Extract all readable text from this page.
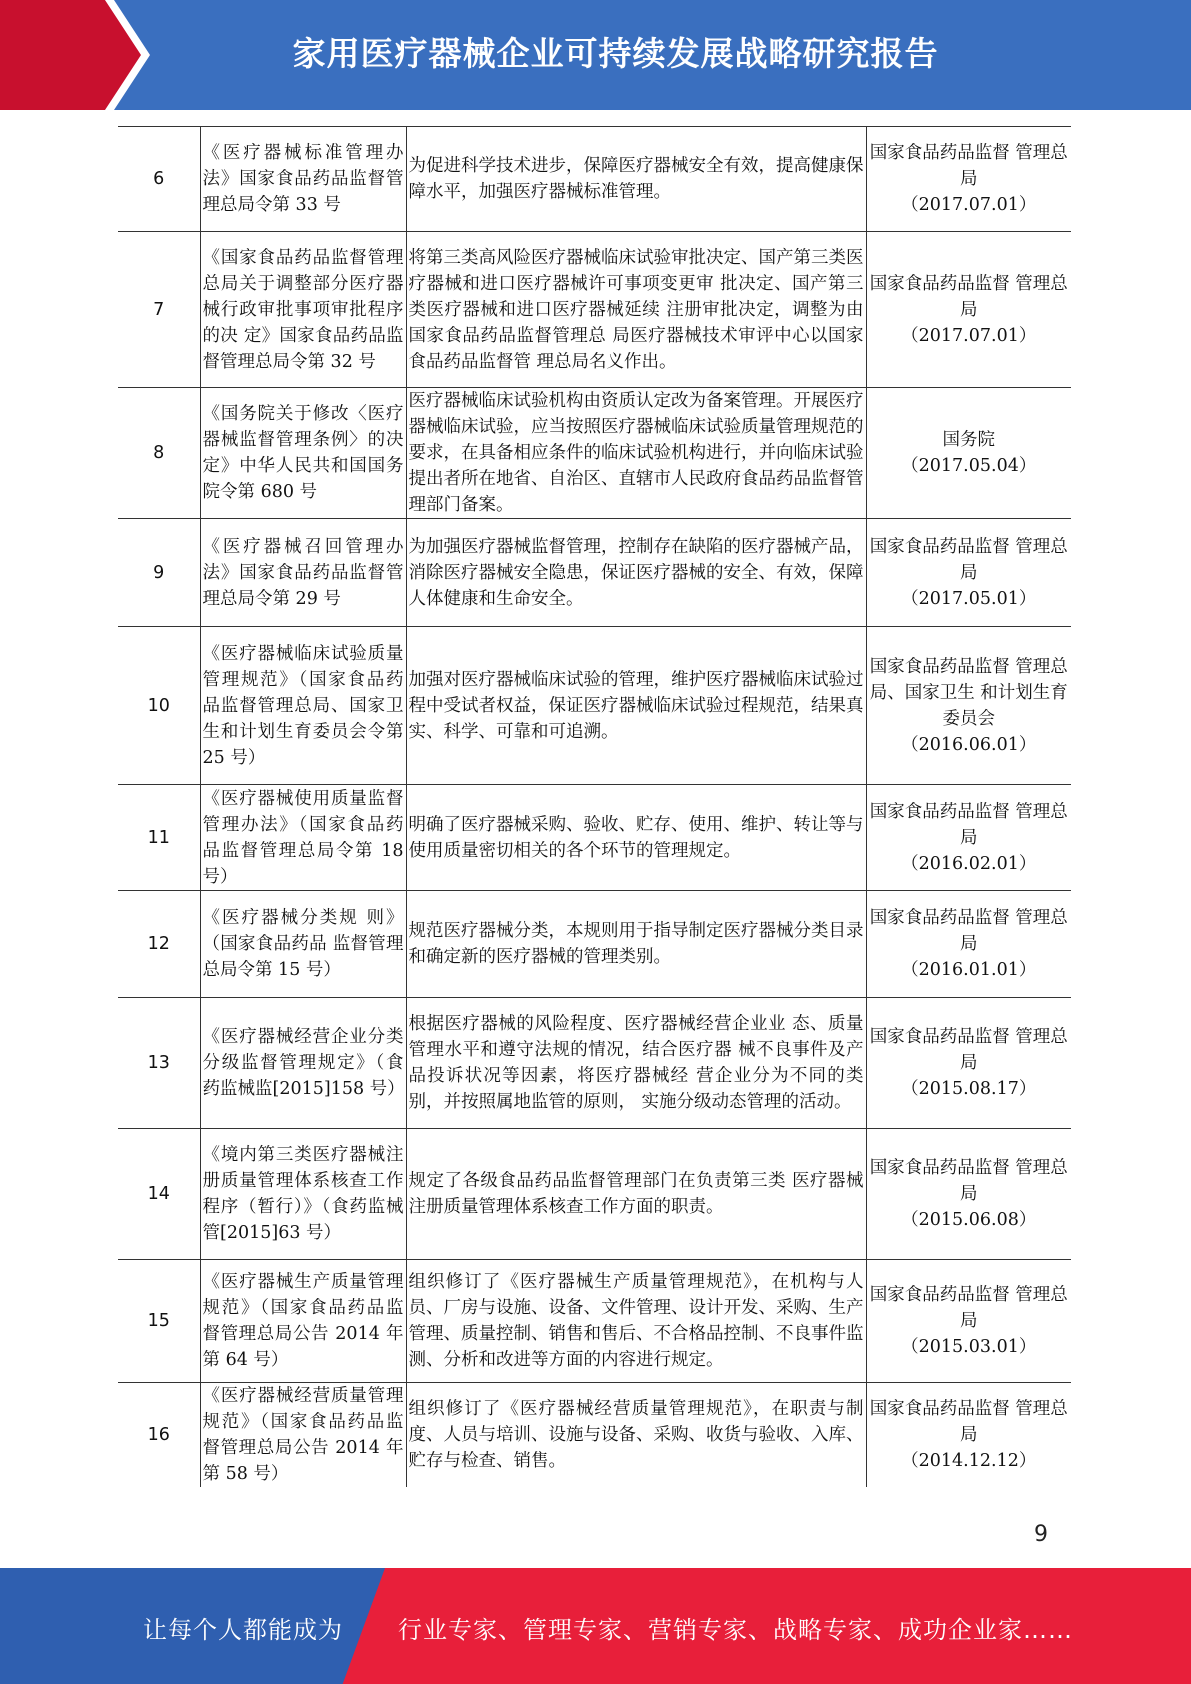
家用医疗器械企业可持续发展战略研究报告
6	《医疗器械标准管理办法》国家食品药品监督管理总局令第 33 号	为促进科学技术进步，保障医疗器械安全有效，提高健康保障水平，加强医疗器械标准管理。	国家食品药品监督 管理总局
（2017.07.01）

7	《国家食品药品监督管理总局关于调整部分医疗器械行政审批事项审批程序的决 定》国家食品药品监 督管理总局令第 32 号	将第三类高风险医疗器械临床试验审批决定、国产第三类医疗器械和进口医疗器械许可事项变更审 批决定、国产第三类医疗器械和进口医疗器械延续 注册审批决定，调整为由国家食品药品监督管理总 局医疗器械技术审评中心以国家食品药品监督管 理总局名义作出。	国家食品药品监督 管理总局
（2017.07.01）

8	《国务院关于修改〈医疗器械监督管理条例〉的决定》中华人民共和国国务院令第 680 号	医疗器械临床试验机构由资质认定改为备案管理。开展医疗器械临床试验，应当按照医疗器械临床试验质量管理规范的要求，在具备相应条件的临床试验机构进行，并向临床试验提出者所在地省、自治区、直辖市人民政府食品药品监督管理部门备案。	国务院
（2017.05.04）

9	《医疗器械召回管理办法》国家食品药品监督管理总局令第 29 号	为加强医疗器械监督管理，控制存在缺陷的医疗器械产品，消除医疗器械安全隐患，保证医疗器械的安全、有效，保障人体健康和生命安全。	国家食品药品监督 管理总局
（2017.05.01）

10	《医疗器械临床试验质量管理规范》（国家食品药品监督管理总局、国家卫生和计划生育委员会令第 25 号）	加强对医疗器械临床试验的管理，维护医疗器械临床试验过程中受试者权益，保证医疗器械临床试验过程规范，结果真实、科学、可靠和可追溯。	国家食品药品监督 管理总局、国家卫生 和计划生育委员会
（2016.06.01）

11	《医疗器械使用质量监督管理办法》（国家食品药品监督管理总局令第 18 号）	明确了医疗器械采购、验收、贮存、使用、维护、转让等与使用质量密切相关的各个环节的管理规定。	国家食品药品监督 管理总局
（2016.02.01）

12	《医疗器械分类规 则》（国家食品药品 监督管理总局令第 15 号）	规范医疗器械分类，本规则用于指导制定医疗器械分类目录和确定新的医疗器械的管理类别。	国家食品药品监督 管理总局
（2016.01.01）

13	《医疗器械经营企业分类分级监督管理规定》（食药监械监[2015]158 号）	根据医疗器械的风险程度、医疗器械经营企业业 态、质量管理水平和遵守法规的情况，结合医疗器 械不良事件及产品投诉状况等因素，将医疗器械经 营企业分为不同的类别，并按照属地监管的原则， 实施分级动态管理的活动。	国家食品药品监督 管理总局
（2015.08.17）

14	《境内第三类医疗器械注册质量管理体系核查工作程序（暂行）》（食药监械管[2015]63 号）	规定了各级食品药品监督管理部门在负责第三类 医疗器械注册质量管理体系核查工作方面的职责。	国家食品药品监督 管理总局
（2015.06.08）

15	《医疗器械生产质量管理规范》（国家食品药品监督管理总局公告 2014 年第 64 号）	组织修订了《医疗器械生产质量管理规范》，在机构与人员、厂房与设施、设备、文件管理、设计开发、采购、生产管理、质量控制、销售和售后、不合格品控制、不良事件监测、分析和改进等方面的内容进行规定。	国家食品药品监督 管理总局
（2015.03.01）

16	《医疗器械经营质量管理规范》（国家食品药品监督管理总局公告 2014 年第 58 号）	组织修订了《医疗器械经营质量管理规范》，在职责与制度、人员与培训、设施与设备、采购、收货与验收、入库、贮存与检查、销售。	国家食品药品监督 管理总局
（2014.12.12）
9
让每个人都能成为 行业专家、管理专家、营销专家、战略专家、成功企业家……
